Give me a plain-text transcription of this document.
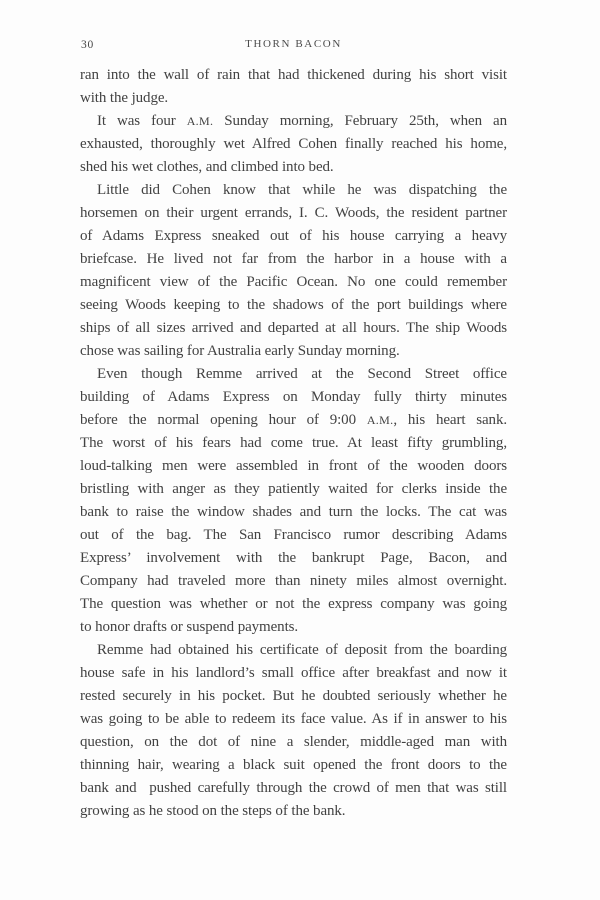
30	THORN BACON
ran into the wall of rain that had thickened during his short visit
with the judge.
It was four A.M. Sunday morning, February 25th, when an
exhausted, thoroughly wet Alfred Cohen finally reached his home,
shed his wet clothes, and climbed into bed.
Little did Cohen know that while he was dispatching the
horsemen on their urgent errands, I. C. Woods, the resident partner
of Adams Express sneaked out of his house carrying a heavy
briefcase. He lived not far from the harbor in a house with a
magnificent view of the Pacific Ocean. No one could remember
seeing Woods keeping to the shadows of the port buildings where
ships of all sizes arrived and departed at all hours. The ship Woods
chose was sailing for Australia early Sunday morning.
Even though Remme arrived at the Second Street office
building of Adams Express on Monday fully thirty minutes
before the normal opening hour of 9:00 A.M., his heart sank.
The worst of his fears had come true. At least fifty grumbling,
loud-talking men were assembled in front of the wooden doors
bristling with anger as they patiently waited for clerks inside the
bank to raise the window shades and turn the locks. The cat was
out of the bag. The San Francisco rumor describing Adams
Express’ involvement with the bankrupt Page, Bacon, and
Company had traveled more than ninety miles almost overnight.
The question was whether or not the express company was going
to honor drafts or suspend payments.
Remme had obtained his certificate of deposit from the boarding
house safe in his landlord’s small office after breakfast and now it
rested securely in his pocket. But he doubted seriously whether he
was going to be able to redeem its face value. As if in answer to his
question, on the dot of nine a slender, middle-aged man with
thinning hair, wearing a black suit opened the front doors to the
bank and  pushed carefully through the crowd of men that was still
growing as he stood on the steps of the bank.
